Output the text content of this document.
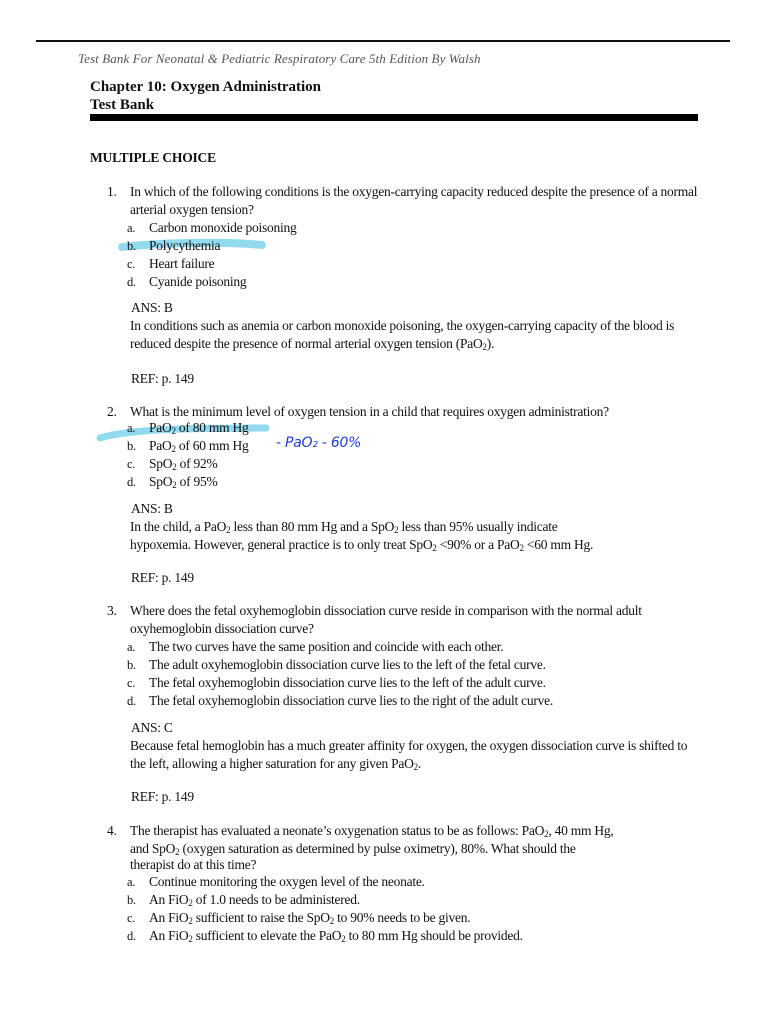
Test Bank For Neonatal & Pediatric Respiratory Care 5th Edition By Walsh
Chapter 10: Oxygen Administration
Test Bank
MULTIPLE CHOICE
1. In which of the following conditions is the oxygen-carrying capacity reduced despite the presence of a normal arterial oxygen tension?
a. Carbon monoxide poisoning
b. Polycythemia
c. Heart failure
d. Cyanide poisoning
ANS: B
In conditions such as anemia or carbon monoxide poisoning, the oxygen-carrying capacity of the blood is reduced despite the presence of normal arterial oxygen tension (PaO$_2$).
REF: p. 149
2. What is the minimum level of oxygen tension in a child that requires oxygen administration?
a. PaO$_2$ of 80 mm Hg
b. PaO$_2$ of 60 mm Hg - PaO₂ - 60%
c. SpO$_2$ of 92%
d. SpO$_2$ of 95%
ANS: B
In the child, a PaO$_2$ less than 80 mm Hg and a SpO$_2$ less than 95% usually indicate
hypoxemia. However, general practice is to only treat SpO$_2$ <90% or a PaO$_2$ <60 mm Hg.
REF: p. 149
3. Where does the fetal oxyhemoglobin dissociation curve reside in comparison with the normal adult oxyhemoglobin dissociation curve?
a. The two curves have the same position and coincide with each other.
b. The adult oxyhemoglobin dissociation curve lies to the left of the fetal curve.
c. The fetal oxyhemoglobin dissociation curve lies to the left of the adult curve.
d. The fetal oxyhemoglobin dissociation curve lies to the right of the adult curve.
ANS: C
Because fetal hemoglobin has a much greater affinity for oxygen, the oxygen dissociation curve is shifted to the left, allowing a higher saturation for any given PaO$_2$.
REF: p. 149
4. The therapist has evaluated a neonate’s oxygenation status to be as follows: PaO$_2$, 40 mm Hg,
and SpO$_2$ (oxygen saturation as determined by pulse oximetry), 80%. What should the
therapist do at this time?
a. Continue monitoring the oxygen level of the neonate.
b. An FiO$_2$ of 1.0 needs to be administered.
c. An FiO$_2$ sufficient to raise the SpO$_2$ to 90% needs to be given.
d. An FiO$_2$ sufficient to elevate the PaO$_2$ to 80 mm Hg should be provided.
